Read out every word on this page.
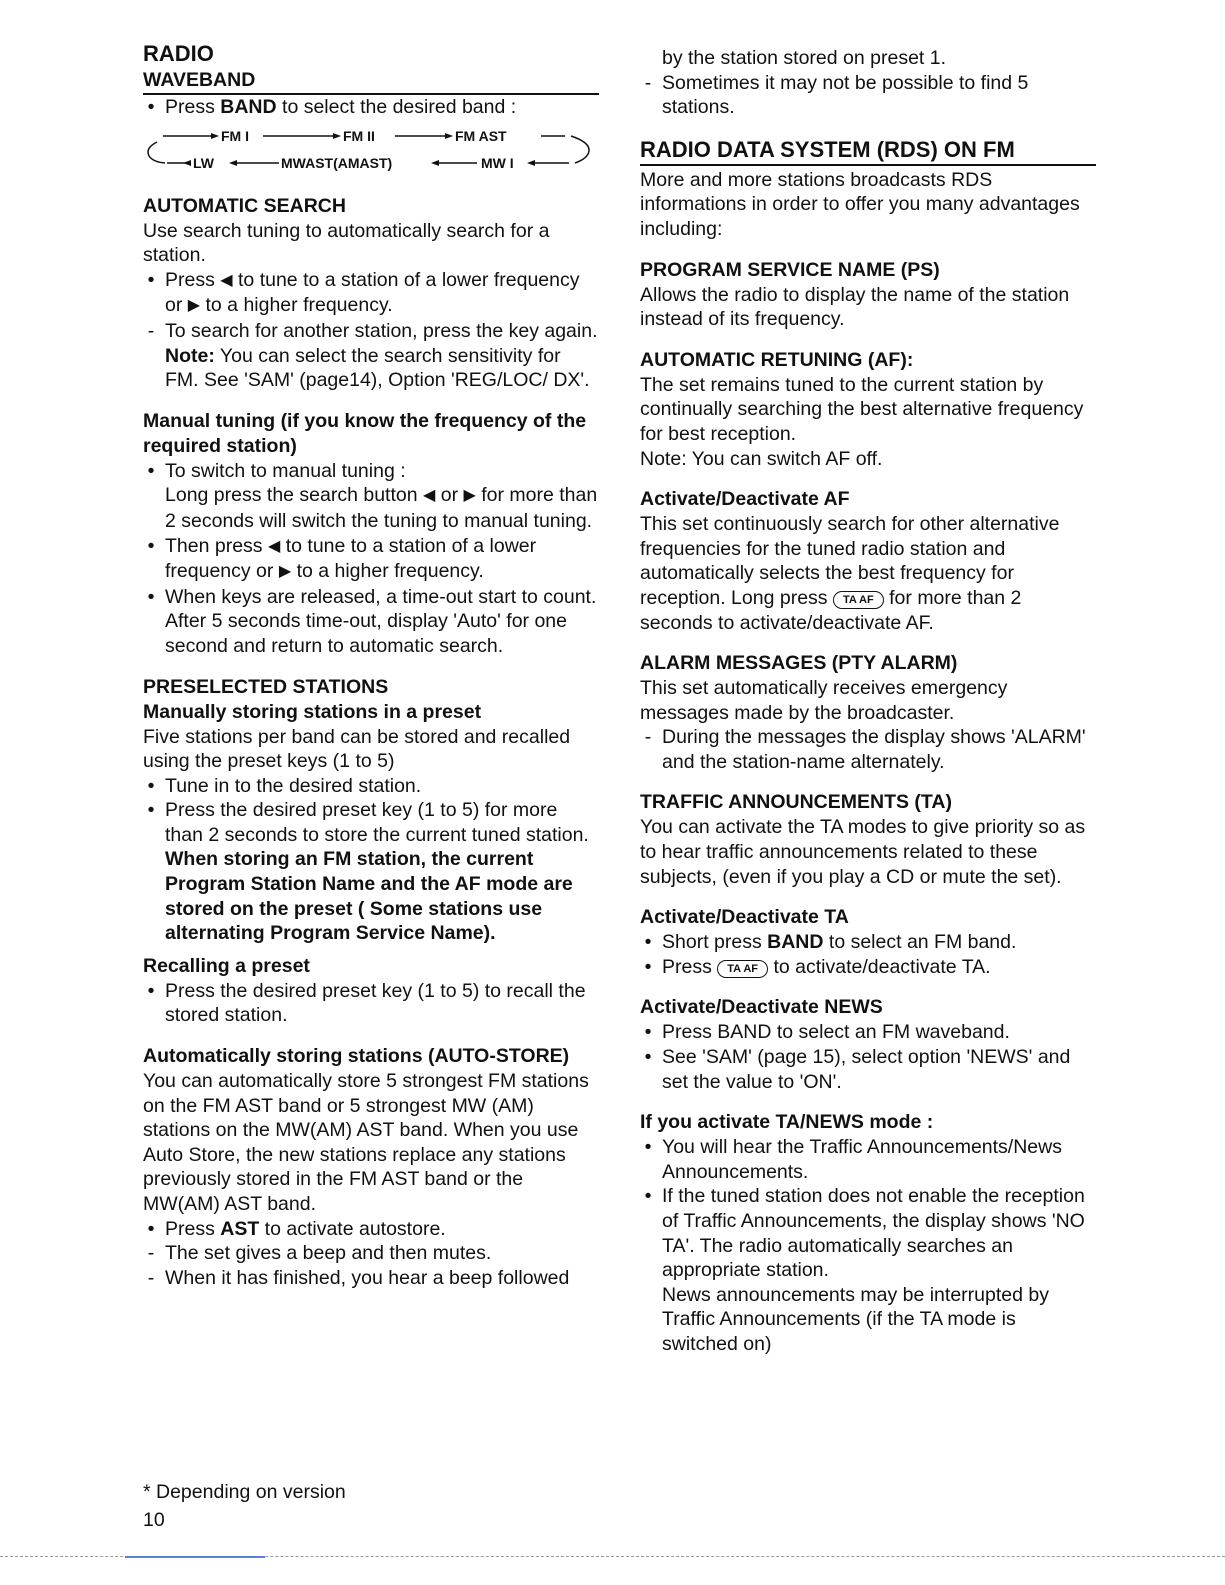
RADIO
WAVEBAND
• Press BAND to select the desired band :
FM I	FM II	FM AST
LW	MWAST(AMAST)	MW I
AUTOMATIC SEARCH

Use search tuning to automatically search for a station.

• Press ◀ to tune to a station of a lower frequency or ▶ to a higher frequency.
- To search for another station, press the key again.
Note: You can select the search sensitivity for FM. See 'SAM' (page14), Option 'REG/LOC/ DX'.
Manual tuning (if you know the frequency of the required station)
• To switch to manual tuning :
Long press the search button ◀ or ▶ for more than 2 seconds will switch the tuning to manual tuning.
• Then press ◀ to tune to a station of a lower frequency or ▶ to a higher frequency.
• When keys are released, a time-out start to count. After 5 seconds time-out, display 'Auto' for one second and return to automatic search.
PRESELECTED STATIONS
Manually storing stations in a preset

Five stations per band can be stored and recalled using the preset keys (1 to 5)

• Tune in to the desired station.
• Press the desired preset key (1 to 5) for more than 2 seconds to store the current tuned station.
When storing an FM station, the current Program Station Name and the AF mode are stored on the preset ( Some stations use alternating Program Service Name).
Recalling a preset
• Press the desired preset key (1 to 5) to recall the stored station.
Automatically storing stations (AUTO-STORE)

You can automatically store 5 strongest FM stations on the FM AST band or 5 strongest MW (AM) stations on the MW(AM) AST band. When you use Auto Store, the new stations replace any stations previously stored in the FM AST band or the MW(AM) AST band.

• Press AST to activate autostore.
- The set gives a beep and then mutes.
- When it has finished, you hear a beep followed
by the station stored on preset 1.
- Sometimes it may not be possible to find 5 stations.
RADIO DATA SYSTEM (RDS) ON FM

More and more stations broadcasts RDS informations in order to offer you many advantages including:

PROGRAM SERVICE NAME (PS)

Allows the radio to display the name of the station instead of its frequency.

AUTOMATIC RETUNING (AF):

The set remains tuned to the current station by continually searching the best alternative frequency for best reception.

Note: You can switch AF off.

Activate/Deactivate AF

This set continuously search for other alternative frequencies for the tuned radio station and automatically selects the best frequency for reception. Long press TA AF for more than 2 seconds to activate/deactivate AF.

ALARM MESSAGES (PTY ALARM)

This set automatically receives emergency messages made by the broadcaster.

- During the messages the display shows 'ALARM' and the station-name alternately.
TRAFFIC ANNOUNCEMENTS (TA)

You can activate the TA modes to give priority so as to hear traffic announcements related to these subjects, (even if you play a CD or mute the set).

Activate/Deactivate TA
• Short press BAND to select an FM band.
• Press TA AF to activate/deactivate TA.
Activate/Deactivate NEWS
• Press BAND to select an FM waveband.
• See 'SAM' (page 15), select option 'NEWS' and set the value to 'ON'.
If you activate TA/NEWS mode :
• You will hear the Traffic Announcements/News Announcements.
• If the tuned station does not enable the reception of Traffic Announcements, the display shows 'NO TA'. The radio automatically searches an appropriate station.
News announcements may be interrupted by Traffic Announcements (if the TA mode is switched on)
* Depending on version
10
